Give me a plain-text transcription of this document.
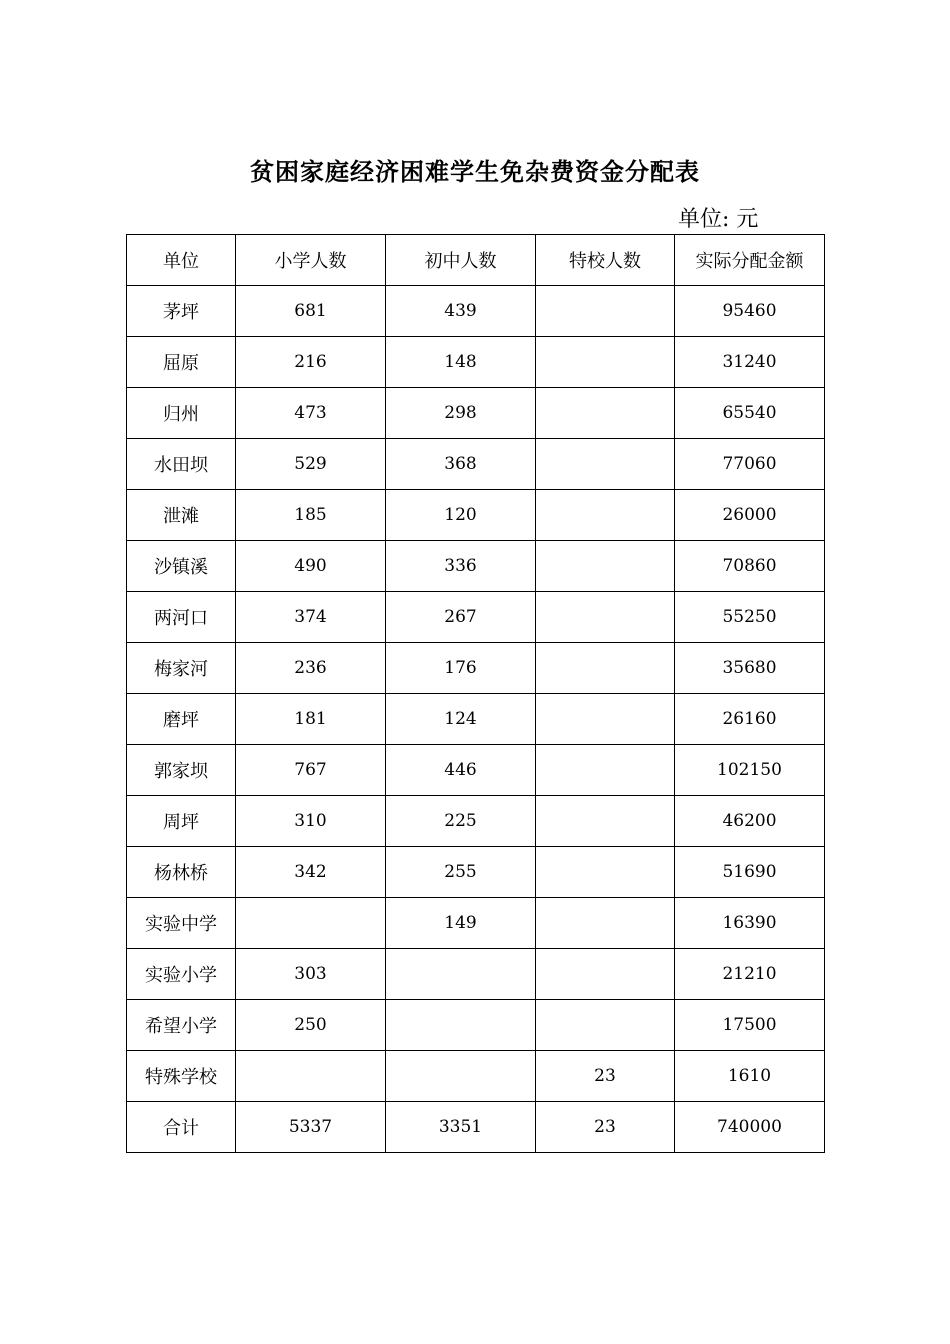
贫困家庭经济困难学生免杂费资金分配表
单位: 元
单位	小学人数	初中人数	特校人数	实际分配金额
茅坪	681	439		95460
屈原	216	148		31240
归州	473	298		65540
水田坝	529	368		77060
泄滩	185	120		26000
沙镇溪	490	336		70860
两河口	374	267		55250
梅家河	236	176		35680
磨坪	181	124		26160
郭家坝	767	446		102150
周坪	310	225		46200
杨林桥	342	255		51690
实验中学		149		16390
实验小学	303			21210
希望小学	250			17500
特殊学校			23	1610
合计	5337	3351	23	740000
